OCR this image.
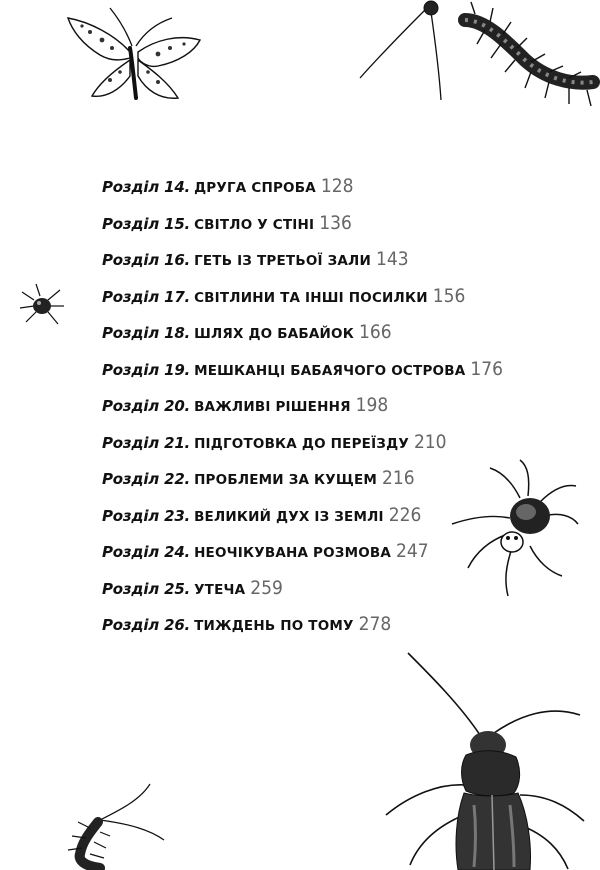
Розділ 14. ДРУГА СПРОБА 128
Розділ 15. СВІТЛО У СТІНІ 136
Розділ 16. ГЕТЬ ІЗ ТРЕТЬОЇ ЗАЛИ 143
Розділ 17. СВІТЛИНИ ТА ІНШІ ПОСИЛКИ 156
Розділ 18. ШЛЯХ ДО БАБАЙОК 166
Розділ 19. МЕШКАНЦІ БАБАЯЧОГО ОСТРОВА 176
Розділ 20. ВАЖЛИВІ РІШЕННЯ 198
Розділ 21. ПІДГОТОВКА ДО ПЕРЕЇЗДУ 210
Розділ 22. ПРОБЛЕМИ ЗА КУЩЕМ 216
Розділ 23. ВЕЛИКИЙ ДУХ ІЗ ЗЕМЛІ 226
Розділ 24. НЕОЧІКУВАНА РОЗМОВА 247
Розділ 25. УТЕЧА 259
Розділ 26. ТИЖДЕНЬ ПО ТОМУ 278
